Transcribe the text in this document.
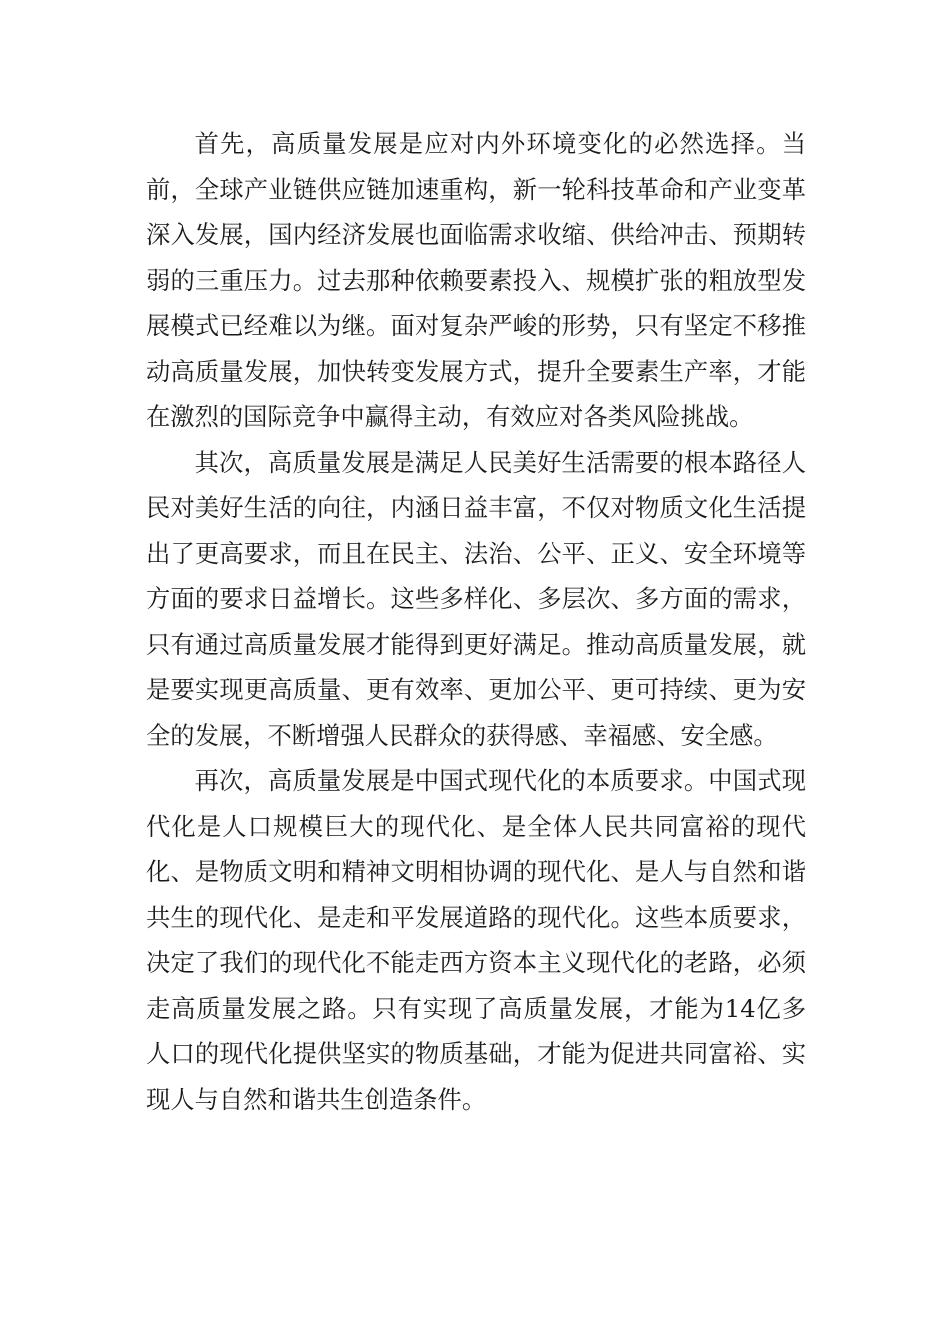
首先，高质量发展是应对内外环境变化的必然选择。当前，全球产业链供应链加速重构，新一轮科技革命和产业变革深入发展，国内经济发展也面临需求收缩、供给冲击、预期转弱的三重压力。过去那种依赖要素投入、规模扩张的粗放型发展模式已经难以为继。面对复杂严峻的形势，只有坚定不移推动高质量发展，加快转变发展方式，提升全要素生产率，才能在激烈的国际竞争中赢得主动，有效应对各类风险挑战。

其次，高质量发展是满足人民美好生活需要的根本路径人民对美好生活的向往，内涵日益丰富，不仅对物质文化生活提出了更高要求，而且在民主、法治、公平、正义、安全环境等方面的要求日益增长。这些多样化、多层次、多方面的需求，只有通过高质量发展才能得到更好满足。推动高质量发展，就是要实现更高质量、更有效率、更加公平、更可持续、更为安全的发展，不断增强人民群众的获得感、幸福感、安全感。

再次，高质量发展是中国式现代化的本质要求。中国式现代化是人口规模巨大的现代化、是全体人民共同富裕的现代化、是物质文明和精神文明相协调的现代化、是人与自然和谐共生的现代化、是走和平发展道路的现代化。这些本质要求，决定了我们的现代化不能走西方资本主义现代化的老路，必须走高质量发展之路。只有实现了高质量发展，才能为14亿多人口的现代化提供坚实的物质基础，才能为促进共同富裕、实现人与自然和谐共生创造条件。
